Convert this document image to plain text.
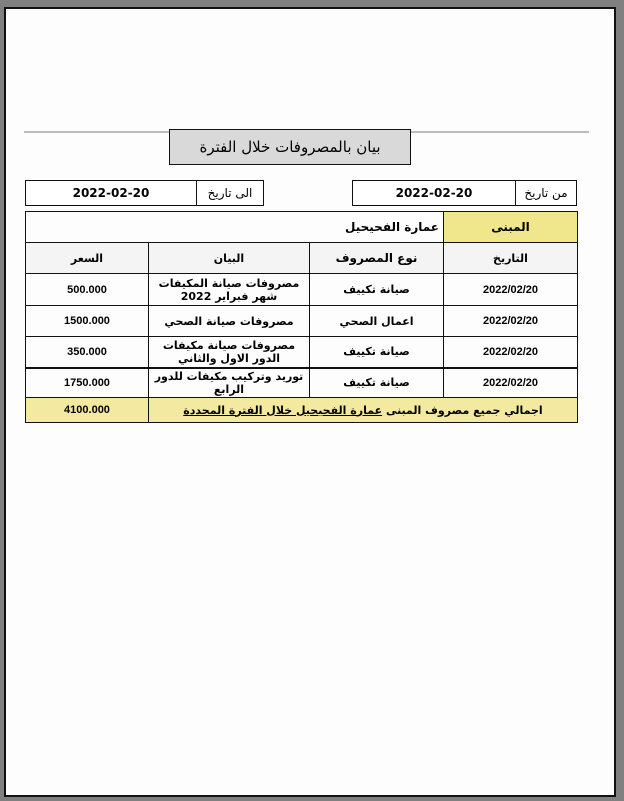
بيان بالمصروفات خلال الفترة
2022-02-20	الى تاريخ	2022-02-20	من تاريخ
المبنى	عمارة الفحيحيل		
التاريخ	نوع المصروف	البيان	السعر
2022/02/20	صيانة تكييف	مصروفات صيانة المكيفات شهر فبراير 2022	500.000
2022/02/20	اعمال الصحي	مصروفات صيانة الصحي	1500.000
2022/02/20	صيانة تكييف	مصروفات صيانة مكيفات الدور الاول والثاني	350.000
2022/02/20	صيانة تكييف	توريد وتركيب مكيفات للدور الرابع	1750.000
اجمالي جميع مصروف المبنى عمارة الفحيحيل خلال الفترة المحددة			4100.000
